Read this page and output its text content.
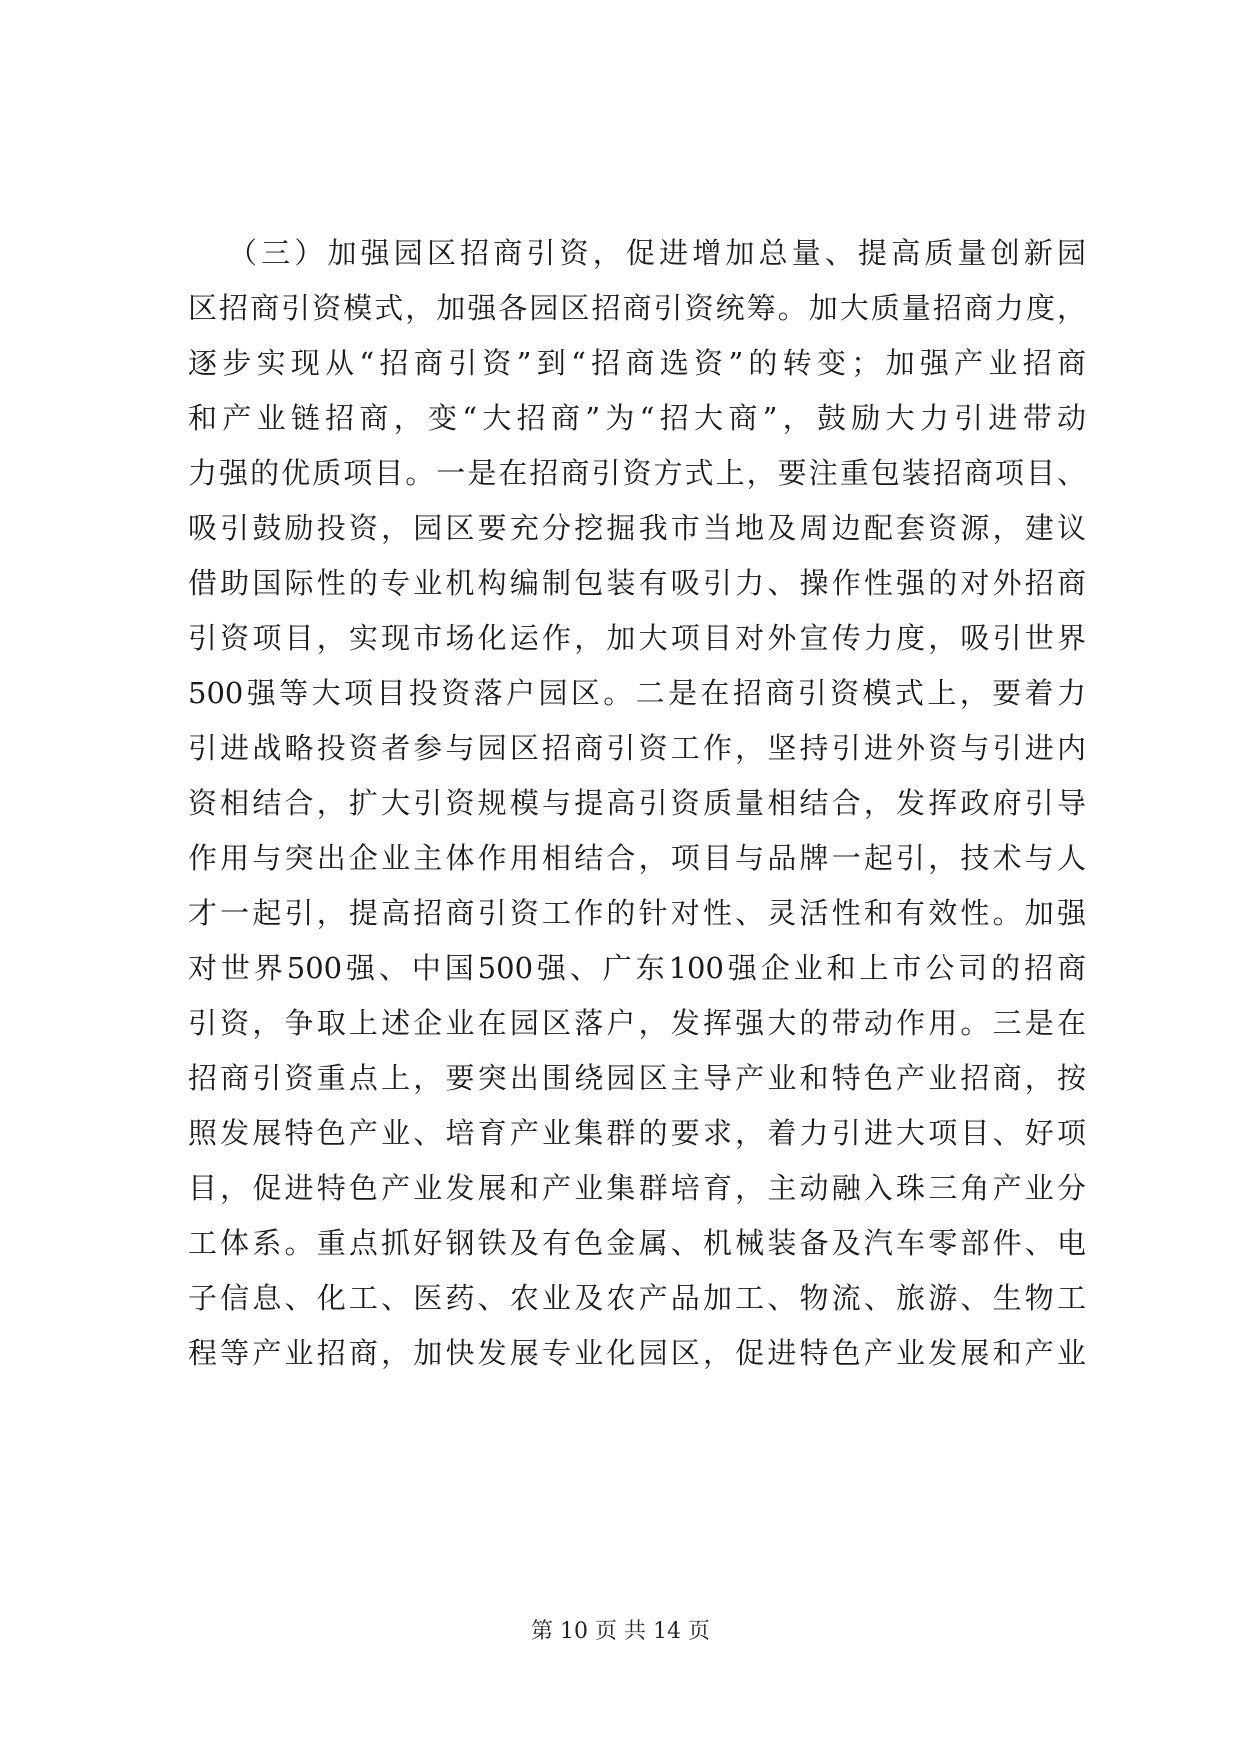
（三）加强园区招商引资，促进增加总量、提高质量创新园
区招商引资模式，加强各园区招商引资统筹。加大质量招商力度，
逐步实现从“招商引资”到“招商选资”的转变；加强产业招商
和产业链招商，变“大招商”为“招大商”，鼓励大力引进带动
力强的优质项目。一是在招商引资方式上，要注重包装招商项目、
吸引鼓励投资，园区要充分挖掘我市当地及周边配套资源，建议
借助国际性的专业机构编制包装有吸引力、操作性强的对外招商
引资项目，实现市场化运作，加大项目对外宣传力度，吸引世界
500强等大项目投资落户园区。二是在招商引资模式上，要着力
引进战略投资者参与园区招商引资工作，坚持引进外资与引进内
资相结合，扩大引资规模与提高引资质量相结合，发挥政府引导
作用与突出企业主体作用相结合，项目与品牌一起引，技术与人
才一起引，提高招商引资工作的针对性、灵活性和有效性。加强
对世界500强、中国500强、广东100强企业和上市公司的招商
引资，争取上述企业在园区落户，发挥强大的带动作用。三是在
招商引资重点上，要突出围绕园区主导产业和特色产业招商，按
照发展特色产业、培育产业集群的要求，着力引进大项目、好项
目，促进特色产业发展和产业集群培育，主动融入珠三角产业分
工体系。重点抓好钢铁及有色金属、机械装备及汽车零部件、电
子信息、化工、医药、农业及农产品加工、物流、旅游、生物工
程等产业招商，加快发展专业化园区，促进特色产业发展和产业
第 10 页 共 14 页
